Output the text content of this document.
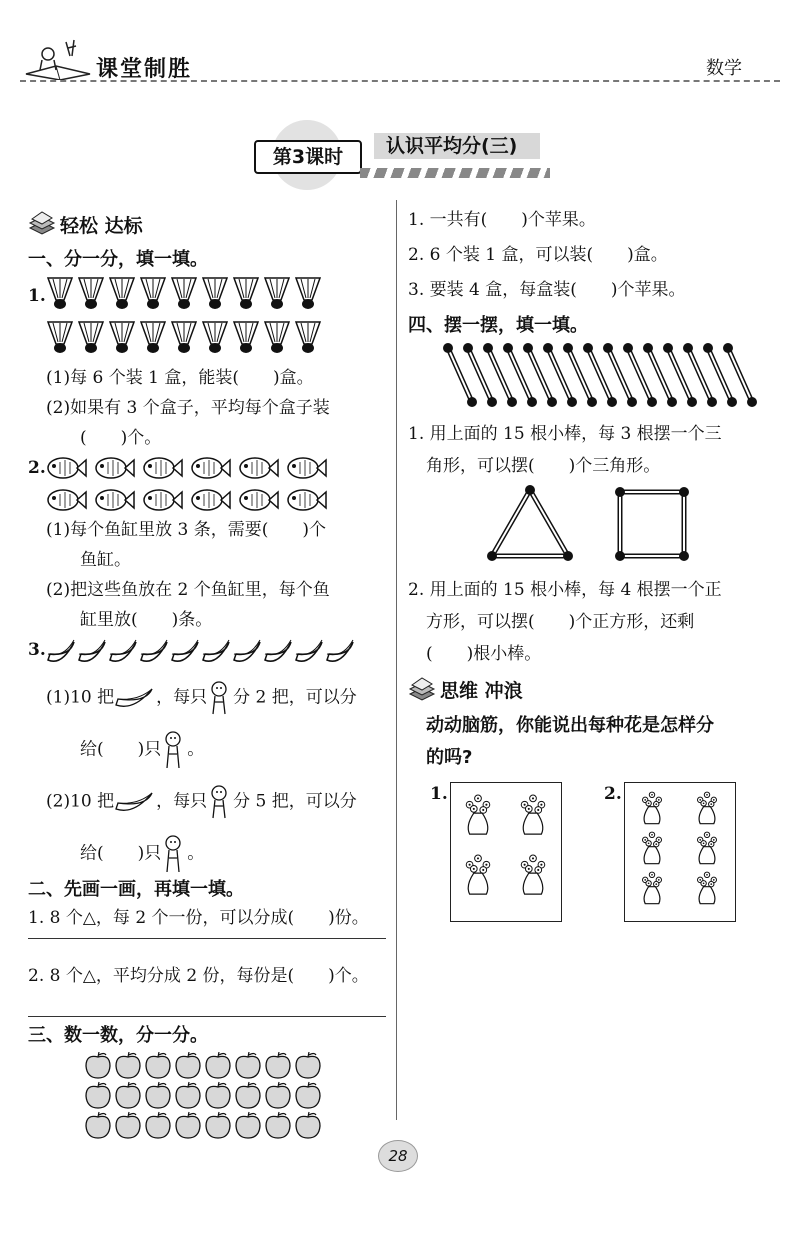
课堂制胜	数学
第3课时	认识平均分(三)
轻松 达标
一、分一分，填一填。
1.
(1)每 6 个装 1 盒，能装(　　)盒。
(2)如果有 3 个盒子，平均每个盒子装
(　　)个。
2.
(1)每个鱼缸里放 3 条，需要(　　)个
鱼缸。
(2)把这些鱼放在 2 个鱼缸里，每个鱼
缸里放(　　)条。
3.
(1)10 把 ，每只 分 2 把，可以分
给(　　)只 。
(2)10 把 ，每只 分 5 把，可以分
给(　　)只 。
二、先画一画，再填一填。
1. 8 个△，每 2 个一份，可以分成(　　)份。
2. 8 个△，平均分成 2 份，每份是(　　)个。
三、数一数，分一分。
1. 一共有(　　)个苹果。
2. 6 个装 1 盒，可以装(　　)盒。
3. 要装 4 盒，每盒装(　　)个苹果。
四、摆一摆，填一填。
1. 用上面的 15 根小棒，每 3 根摆一个三
角形，可以摆(　　)个三角形。
2. 用上面的 15 根小棒，每 4 根摆一个正
方形，可以摆(　　)个正方形，还剩
(　　)根小棒。
思维 冲浪
动动脑筋，你能说出每种花是怎样分
的吗?
1.	2.
28
